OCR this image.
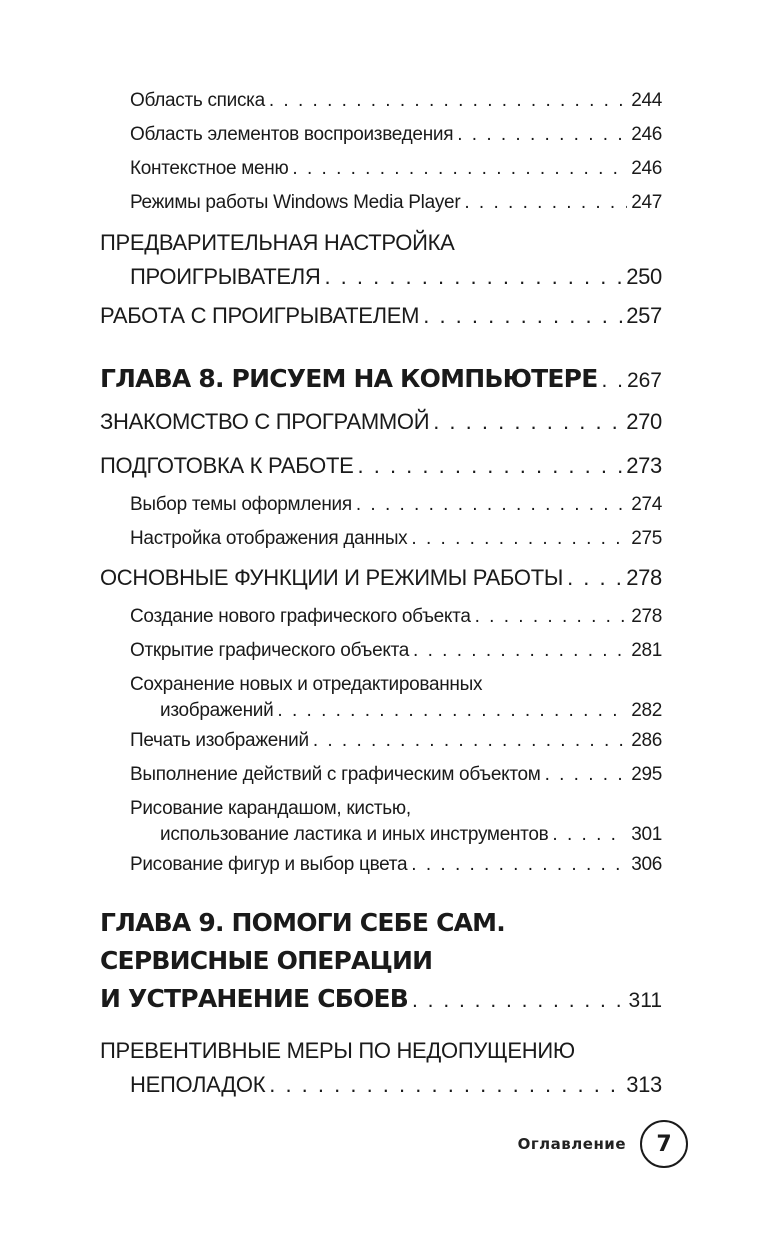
Область списка . . .	244
Область элементов воспроизведения . . .	246
Контекстное меню . . .	246
Режимы работы Windows Media Player . . .	247
ПРЕДВАРИТЕЛЬНАЯ НАСТРОЙКА
ПРОИГРЫВАТЕЛЯ . . .	250
РАБОТА С ПРОИГРЫВАТЕЛЕМ . . .	257
ГЛАВА 8. РИСУЕМ НА КОМПЬЮТЕРЕ . . . 267
ЗНАКОМСТВО С ПРОГРАММОЙ . . .	270
ПОДГОТОВКА К РАБОТЕ . . .	273
Выбор темы оформления . . .	274
Настройка отображения данных . . .	275
ОСНОВНЫЕ ФУНКЦИИ И РЕЖИМЫ РАБОТЫ . . .	278
Создание нового графического объекта . . .	278
Открытие графического объекта . . .	281
Сохранение новых и отредактированных
изображений . . .	282
Печать изображений . . .	286
Выполнение действий с графическим объектом . . .	295
Рисование карандашом, кистью,
использование ластика и иных инструментов . . .	301
Рисование фигур и выбор цвета . . .	306
ГЛАВА 9. ПОМОГИ СЕБЕ САМ.
СЕРВИСНЫЕ ОПЕРАЦИИ
И УСТРАНЕНИЕ СБОЕВ . . .	311
ПРЕВЕНТИВНЫЕ МЕРЫ ПО НЕДОПУЩЕНИЮ
НЕПОЛАДОК . . .	313
Оглавление	7
